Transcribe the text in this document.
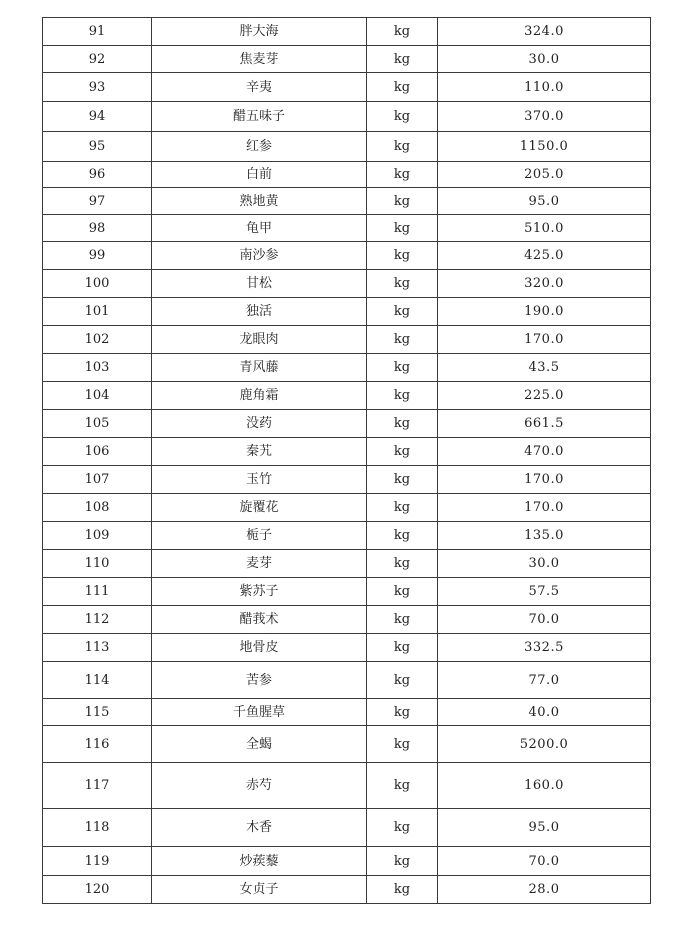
91	胖大海	kg	324.0
92	焦麦芽	kg	30.0
93	辛夷	kg	110.0
94	醋五味子	kg	370.0
95	红参	kg	1150.0
96	白前	kg	205.0
97	熟地黄	kg	95.0
98	龟甲	kg	510.0
99	南沙参	kg	425.0
100	甘松	kg	320.0
101	独活	kg	190.0
102	龙眼肉	kg	170.0
103	青风藤	kg	43.5
104	鹿角霜	kg	225.0
105	没药	kg	661.5
106	秦艽	kg	470.0
107	玉竹	kg	170.0
108	旋覆花	kg	170.0
109	栀子	kg	135.0
110	麦芽	kg	30.0
111	紫苏子	kg	57.5
112	醋莪术	kg	70.0
113	地骨皮	kg	332.5
114	苦参	kg	77.0
115	千鱼腥草	kg	40.0
116	全蝎	kg	5200.0
117	赤芍	kg	160.0
118	木香	kg	95.0
119	炒蒺藜	kg	70.0
120	女贞子	kg	28.0
